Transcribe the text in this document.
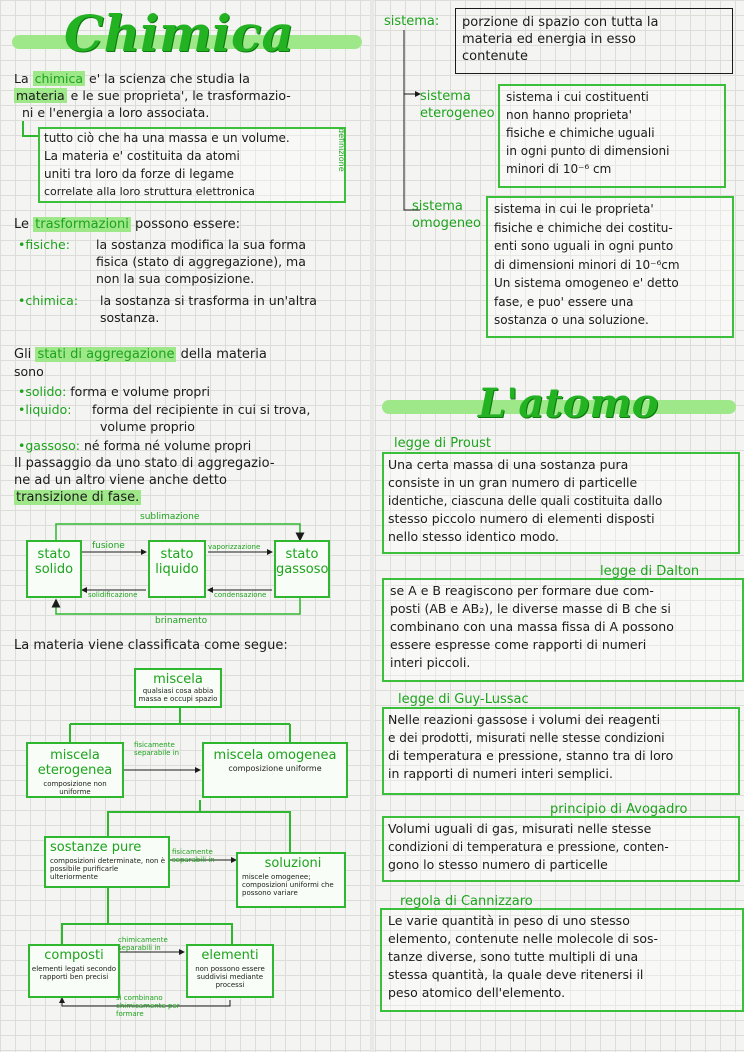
Chimica
La chimica e' la scienza che studia la
materia e le sue proprieta', le trasformazio-
ni e l'energia a loro associata.
tutto ciò che ha una massa e un volume.
La materia e' costituita da atomi
uniti tra loro da forze di legame
correlate alla loro struttura elettronica
definizione
Le trasformazioni possono essere:
•fisiche: la sostanza modifica la sua forma
fisica (stato di aggregazione), ma
non la sua composizione.
•chimica: la sostanza si trasforma in un'altra
sostanza.
Gli stati di aggregazione della materia
sono
•solido: forma e volume propri
•liquido: forma del recipiente in cui si trova,
volume proprio
•gassoso: né forma né volume propri
Il passaggio da uno stato di aggregazio-
ne ad un altro viene anche detto
transizione di fase.
stato solido
stato liquido
stato gassoso
sublimazione
fusione	vaporizzazione
solidificazione	condensazione
brinamento
La materia viene classificata come segue:
miscela
qualsiasi cosa abbia massa e occupi spazio
miscela eterogenea
composizione non uniforme
miscela omogenea
composizione uniforme
fisicamente separabile in
sostanze pure
composizioni determinate, non è possibile purificarle ulteriormente
fisicamente separabili in	soluzioni
miscele omogenee; composizioni uniformi che possono variare
composti
elementi legati secondo rapporti ben precisi
chimicamente separabili in	elementi
non possono essere suddivisi mediante processi
si combinano chimicamente per formare
sistema: porzione di spazio con tutta la
materia ed energia in esso
contenute
sistema
eterogeneo
sistema i cui costituenti
non hanno proprieta'
fisiche e chimiche uguali
in ogni punto di dimensioni
minori di 10⁻⁶ cm
sistema
omogeneo
sistema in cui le proprieta'
fisiche e chimiche dei costitu-
enti sono uguali in ogni punto
di dimensioni minori di 10⁻⁶cm
Un sistema omogeneo e' detto
fase, e puo' essere una
sostanza o una soluzione.
L'atomo
legge di Proust
Una certa massa di una sostanza pura
consiste in un gran numero di particelle
identiche, ciascuna delle quali costituita dallo
stesso piccolo numero di elementi disposti
nello stesso identico modo.
legge di Dalton
se A e B reagiscono per formare due com-
posti (AB e AB₂), le diverse masse di B che si
combinano con una massa fissa di A possono
essere espresse come rapporti di numeri
interi piccoli.
legge di Guy-Lussac
Nelle reazioni gassose i volumi dei reagenti
e dei prodotti, misurati nelle stesse condizioni
di temperatura e pressione, stanno tra di loro
in rapporti di numeri interi semplici.
principio di Avogadro
Volumi uguali di gas, misurati nelle stesse
condizioni di temperatura e pressione, conten-
gono lo stesso numero di particelle
regola di Cannizzaro
Le varie quantità in peso di uno stesso
elemento, contenute nelle molecole di sos-
tanze diverse, sono tutte multipli di una
stessa quantità, la quale deve ritenersi il
peso atomico dell'elemento.
